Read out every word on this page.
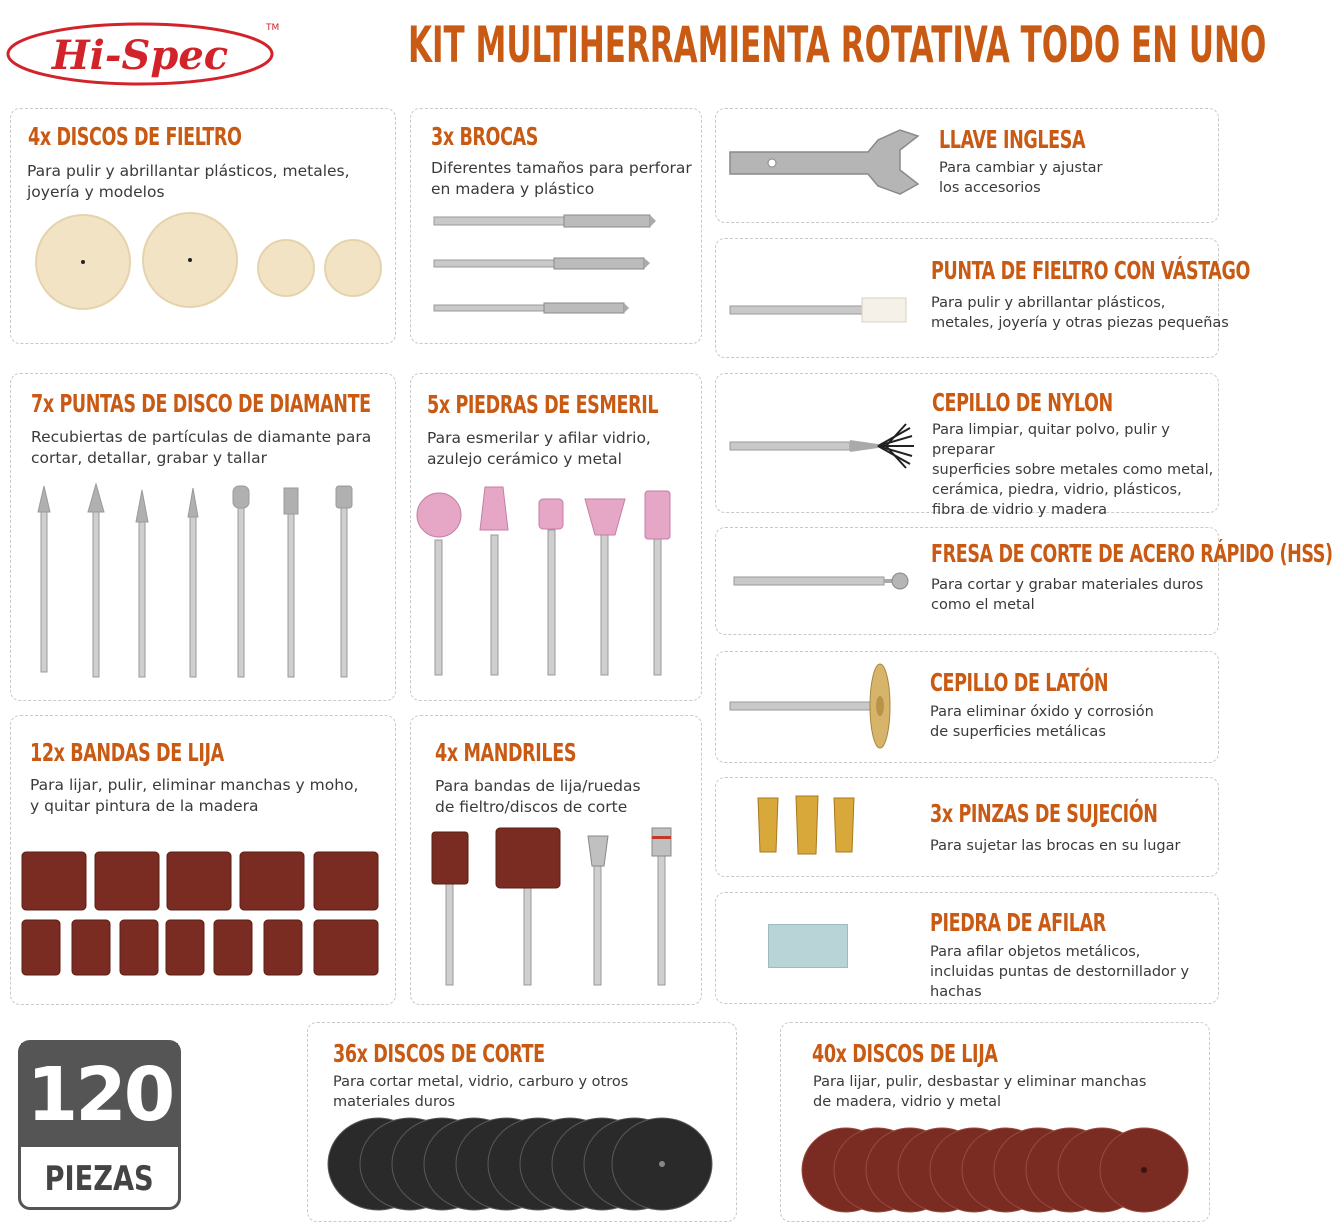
Hi-Spec
TM	KIT MULTIHERRAMIENTA ROTATIVA TODO EN UNO
4x DISCOS DE FIELTRO
Para pulir y abrillantar plásticos, metales,
joyería y modelos
3x BROCAS
Diferentes tamaños para perforar
en madera y plástico
LLAVE INGLESA
Para cambiar y ajustar
los accesorios
PUNTA DE FIELTRO CON VÁSTAGO
Para pulir y abrillantar plásticos,
metales, joyería y otras piezas pequeñas
7x PUNTAS DE DISCO DE DIAMANTE
Recubiertas de partículas de diamante para
cortar, detallar, grabar y tallar
5x PIEDRAS DE ESMERIL
Para esmerilar y afilar vidrio,
azulejo cerámico y metal
CEPILLO DE NYLON
Para limpiar, quitar polvo, pulir y preparar
superficies sobre metales como metal,
cerámica, piedra, vidrio, plásticos,
fibra de vidrio y madera
FRESA DE CORTE DE ACERO RÁPIDO (HSS)
Para cortar y grabar materiales duros
como el metal
CEPILLO DE LATÓN
Para eliminar óxido y corrosión
de superficies metálicas
12x BANDAS DE LIJA
Para lijar, pulir, eliminar manchas y moho,
y quitar pintura de la madera
4x MANDRILES
Para bandas de lija/ruedas
de fieltro/discos de corte	3x PINZAS DE SUJECIÓN
Para sujetar las brocas en su lugar
PIEDRA DE AFILAR
Para afilar objetos metálicos,
incluidas puntas de destornillador y hachas
36x DISCOS DE CORTE
Para cortar metal, vidrio, carburo y otros
materiales duros
40x DISCOS DE LIJA
Para lijar, pulir, desbastar y eliminar manchas
de madera, vidrio y metal
120
PIEZAS
